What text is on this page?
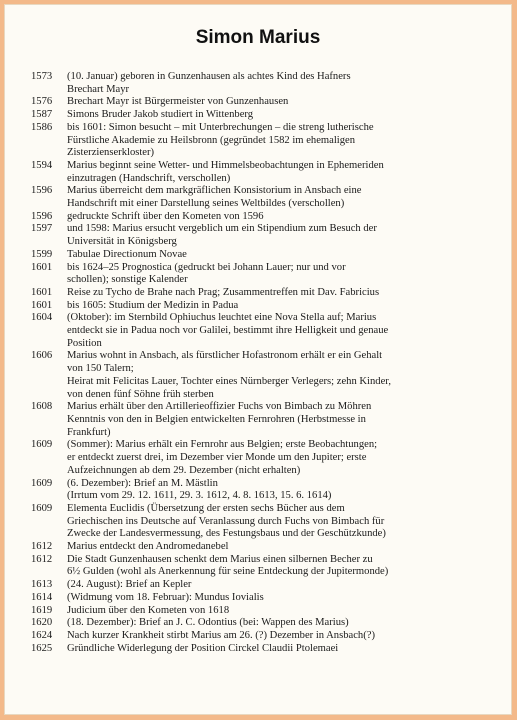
Simon Marius
1573	(10. Januar) geboren in Gunzenhausen als achtes Kind des Hafners
Brechart Mayr
1576	Brechart Mayr ist Bürgermeister von Gunzenhausen
1587	Simons Bruder Jakob studiert in Wittenberg
1586	bis 1601: Simon besucht – mit Unterbrechungen – die streng lutherische
Fürstliche Akademie zu Heilsbronn (gegründet 1582 im ehemaligen
Zisterzienserkloster)
1594	Marius beginnt seine Wetter- und Himmelsbeobachtungen in Ephemeriden
einzutragen (Handschrift, verschollen)
1596	Marius überreicht dem markgräflichen Konsistorium in Ansbach eine
Handschrift mit einer Darstellung seines Weltbildes (verschollen)
1596	gedruckte Schrift über den Kometen von 1596
1597	und 1598: Marius ersucht vergeblich um ein Stipendium zum Besuch der
Universität in Königsberg
1599	Tabulae Directionum Novae
1601	bis 1624–25 Prognostica (gedruckt bei Johann Lauer; nur und vor
schollen); sonstige Kalender
1601	Reise zu Tycho de Brahe nach Prag; Zusammentreffen mit Dav. Fabricius
1601	bis 1605: Studium der Medizin in Padua
1604	(Oktober): im Sternbild Ophiuchus leuchtet eine Nova Stella auf; Marius
entdeckt sie in Padua noch vor Galilei, bestimmt ihre Helligkeit und genaue
Position
1606	Marius wohnt in Ansbach, als fürstlicher Hofastronom erhält er ein Gehalt
von 150 Talern;
Heirat mit Felicitas Lauer, Tochter eines Nürnberger Verlegers; zehn Kinder,
von denen fünf Söhne früh sterben
1608	Marius erhält über den Artillerieoffizier Fuchs von Bimbach zu Möhren
Kenntnis von den in Belgien entwickelten Fernrohren (Herbstmesse in
Frankfurt)
1609	(Sommer): Marius erhält ein Fernrohr aus Belgien; erste Beobachtungen;
er entdeckt zuerst drei, im Dezember vier Monde um den Jupiter; erste
Aufzeichnungen ab dem 29. Dezember (nicht erhalten)
1609	(6. Dezember): Brief an M. Mästlin
(Irrtum vom 29. 12. 1611, 29. 3. 1612, 4. 8. 1613, 15. 6. 1614)
1609	Elementa Euclidis (Übersetzung der ersten sechs Bücher aus dem
Griechischen ins Deutsche auf Veranlassung durch Fuchs von Bimbach für
Zwecke der Landesvermessung, des Festungsbaus und der Geschützkunde)
1612	Marius entdeckt den Andromedanebel
1612	Die Stadt Gunzenhausen schenkt dem Marius einen silbernen Becher zu
6½ Gulden (wohl als Anerkennung für seine Entdeckung der Jupitermonde)
1613	(24. August): Brief an Kepler
1614	(Widmung vom 18. Februar): Mundus Iovialis
1619	Judicium über den Kometen von 1618
1620	(18. Dezember): Brief an J. C. Odontius (bei: Wappen des Marius)
1624	Nach kurzer Krankheit stirbt Marius am 26. (?) Dezember in Ansbach(?)
1625	Gründliche Widerlegung der Position Circkel Claudii Ptolemaei
